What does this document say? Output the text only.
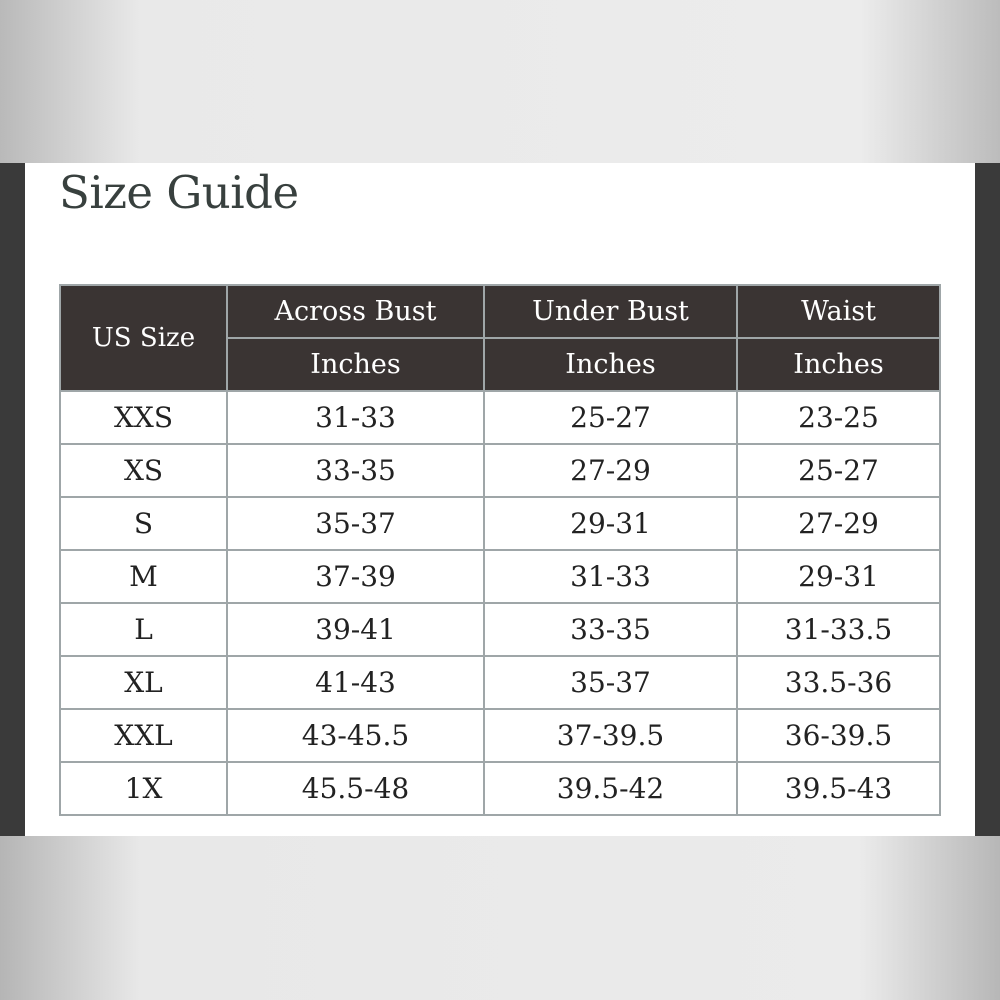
Size Guide
US Size	Across Bust	Under Bust	Waist
	Inches	Inches	Inches
XXS	31-33	25-27	23-25
XS	33-35	27-29	25-27
S	35-37	29-31	27-29
M	37-39	31-33	29-31
L	39-41	33-35	31-33.5
XL	41-43	35-37	33.5-36
XXL	43-45.5	37-39.5	36-39.5
1X	45.5-48	39.5-42	39.5-43
